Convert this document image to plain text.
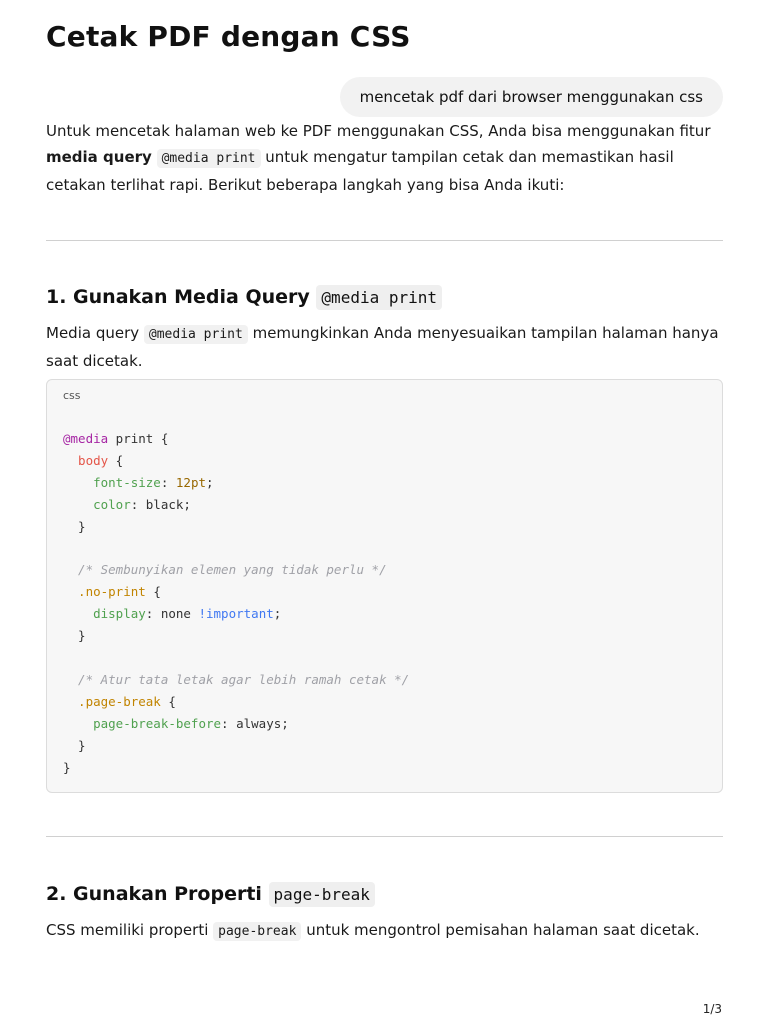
Cetak PDF dengan CSS
mencetak pdf dari browser menggunakan css

Untuk mencetak halaman web ke PDF menggunakan CSS, Anda bisa menggunakan fitur media query @media print untuk mengatur tampilan cetak dan memastikan hasil cetakan terlihat rapi. Berikut beberapa langkah yang bisa Anda ikuti:

1. Gunakan Media Query @media print

Media query @media print memungkinkan Anda menyesuaikan tampilan halaman hanya saat dicetak.

css
@media print {
body {
font-size: 12pt;
color: black;
}

/* Sembunyikan elemen yang tidak perlu */
.no-print {
display: none !important;
}

/* Atur tata letak agar lebih ramah cetak */
.page-break {
page-break-before: always;
}
}
2. Gunakan Properti page-break

CSS memiliki properti page-break untuk mengontrol pemisahan halaman saat dicetak.

1/3
